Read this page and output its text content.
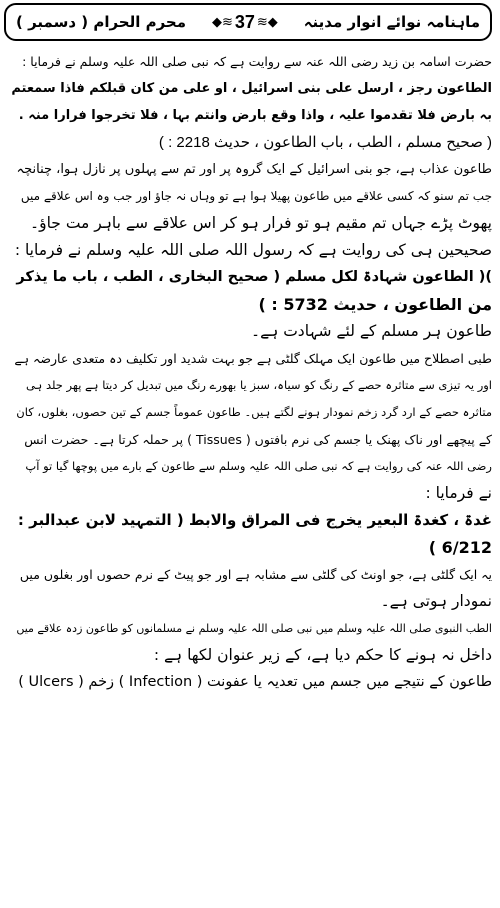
ماہنامہ نوائے انوار مدینہ
◆≋ 37 ≋◆
محرم الحرام ( دسمبر )
حضرت اسامہ بن زید رضی اللہ عنہ سے روایت ہے کہ نبی صلی اللہ علیہ وسلم نے فرمایا :
الطاعون رجز ، ارسل علی بنی اسرائیل ، او علی من کان قبلکم فاذا سمعتم
بہ بارض فلا تقدموا علیہ ، واذا وقع بارض وانتم بہا ، فلا تخرجوا فرارا منہ .
( صحیح مسلم ، الطب ، باب الطاعون ، حدیث 2218 : )
طاعون عذاب ہے، جو بنی اسرائیل کے ایک گروہ پر اور تم سے پہلوں پر نازل ہوا، چنانچہ
جب تم سنو کہ کسی علاقے میں طاعون پھیلا ہوا ہے تو وہاں نہ جاؤ اور جب وہ اس علاقے میں
پھوٹ پڑے جہاں تم مقیم ہو تو فرار ہو کر اس علاقے سے باہر مت جاؤ۔
صحیحین ہی کی روایت ہے کہ رسول اللہ صلی اللہ علیہ وسلم نے فرمایا :
)( الطاعون شہادۃ لکل مسلم ( صحیح البخاری ، الطب ، باب ما یذکر
من الطاعون ، حدیث 5732 : )
طاعون ہر مسلم کے لئے شہادت ہے۔
طبی اصطلاح میں طاعون ایک مہلک گلٹی ہے جو بہت شدید اور تکلیف دہ متعدی عارضہ ہے
اور یہ تیزی سے متاثرہ حصے کے رنگ کو سیاہ، سبز یا بھورے رنگ میں تبدیل کر دیتا ہے پھر جلد ہی
متاثرہ حصے کے ارد گرد زخم نمودار ہونے لگتے ہیں۔ طاعون عموماً جسم کے تین حصوں، بغلوں، کان
کے پیچھے اور ناک پھنک یا جسم کی نرم بافتوں ( Tissues ) پر حملہ کرتا ہے۔ حضرت انس
رضی اللہ عنہ کی روایت ہے کہ نبی صلی اللہ علیہ وسلم سے طاعون کے بارے میں پوچھا گیا تو آپ
نے فرمایا :
غدۃ ، کغدۃ البعیر یخرج فی المراق والابط ( التمہید لابن عبدالبر :
6/212 )
یہ ایک گلٹی ہے، جو اونٹ کی گلٹی سے مشابہ ہے اور جو پیٹ کے نرم حصوں اور بغلوں میں
نمودار ہوتی ہے۔
الطب النبوی صلی اللہ علیہ وسلم میں نبی صلی اللہ علیہ وسلم نے مسلمانوں کو طاعون زدہ علاقے میں
داخل نہ ہونے کا حکم دیا ہے، کے زیر عنوان لکھا ہے :
طاعون کے نتیجے میں جسم میں تعدیہ یا عفونت ( Infection ) زخم ( Ulcers )
